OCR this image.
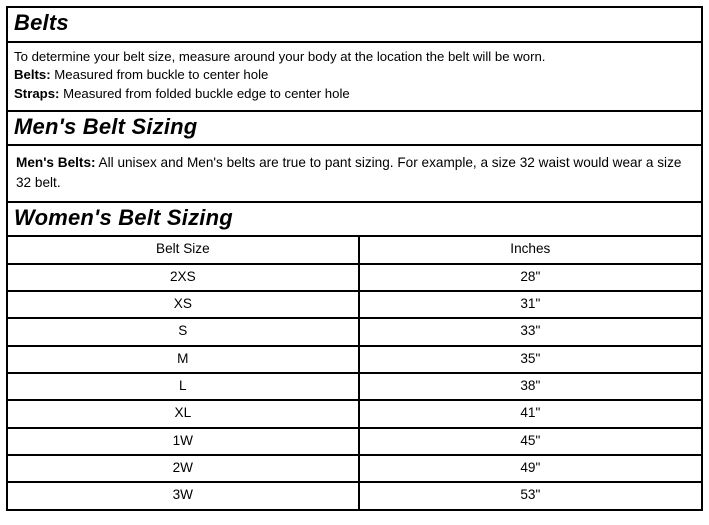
Belts

To determine your belt size, measure around your body at the location the belt will be worn.

Belts: Measured from buckle to center hole

Straps: Measured from folded buckle edge to center hole

Men's Belt Sizing

Men's Belts: All unisex and Men's belts are true to pant sizing. For example, a size 32 waist would wear a size 32 belt.

Women's Belt Sizing
Belt Size	Inches
2XS	28"
XS	31"
S	33"
M	35"
L	38"
XL	41"
1W	45"
2W	49"
3W	53"
